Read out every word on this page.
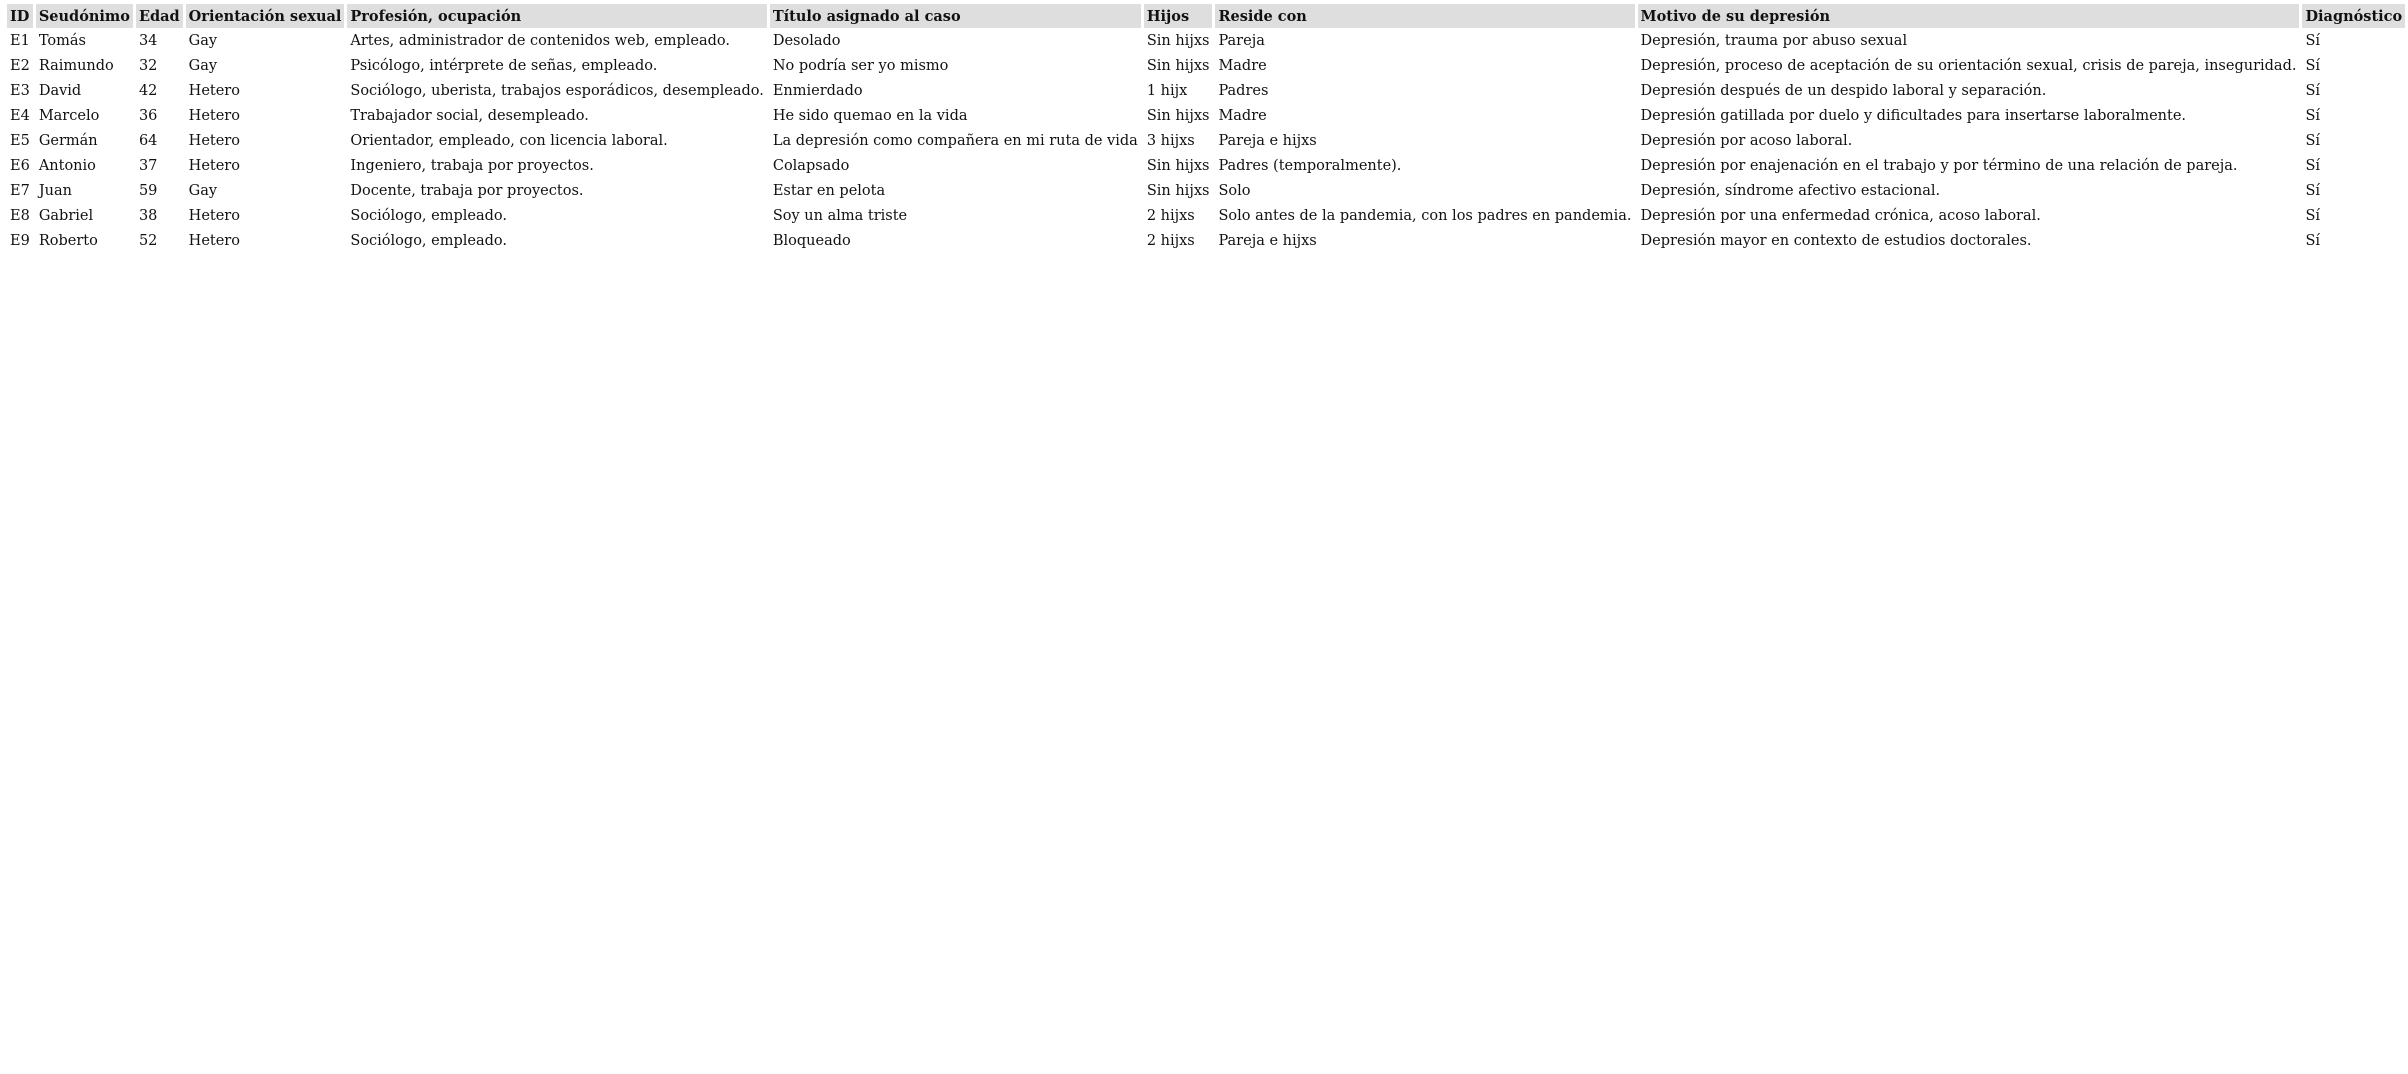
ID	Seudónimo	Edad	Orientación sexual	Profesión, ocupación	Título asignado al caso	Hijos	Reside con	Motivo de su depresión	Diagnóstico
E1	Tomás	34	Gay	Artes, administrador de contenidos web, empleado.	Desolado	Sin hijxs	Pareja	Depresión, trauma por abuso sexual	Sí
E2	Raimundo	32	Gay	Psicólogo, intérprete de señas, empleado.	No podría ser yo mismo	Sin hijxs	Madre	Depresión, proceso de aceptación de su orientación sexual, crisis de pareja, inseguridad.	Sí
E3	David	42	Hetero	Sociólogo, uberista, trabajos esporádicos, desempleado.	Enmierdado	1 hijx	Padres	Depresión después de un despido laboral y separación.	Sí
E4	Marcelo	36	Hetero	Trabajador social, desempleado.	He sido quemao en la vida	Sin hijxs	Madre	Depresión gatillada por duelo y dificultades para insertarse laboralmente.	Sí
E5	Germán	64	Hetero	Orientador, empleado, con licencia laboral.	La depresión como compañera en mi ruta de vida	3 hijxs	Pareja e hijxs	Depresión por acoso laboral.	Sí
E6	Antonio	37	Hetero	Ingeniero, trabaja por proyectos.	Colapsado	Sin hijxs	Padres (temporalmente).	Depresión por enajenación en el trabajo y por término de una relación de pareja.	Sí
E7	Juan	59	Gay	Docente, trabaja por proyectos.	Estar en pelota	Sin hijxs	Solo	Depresión, síndrome afectivo estacional.	Sí
E8	Gabriel	38	Hetero	Sociólogo, empleado.	Soy un alma triste	2 hijxs	Solo antes de la pandemia, con los padres en pandemia.	Depresión por una enfermedad crónica, acoso laboral.	Sí
E9	Roberto	52	Hetero	Sociólogo, empleado.	Bloqueado	2 hijxs	Pareja e hijxs	Depresión mayor en contexto de estudios doctorales.	Sí
